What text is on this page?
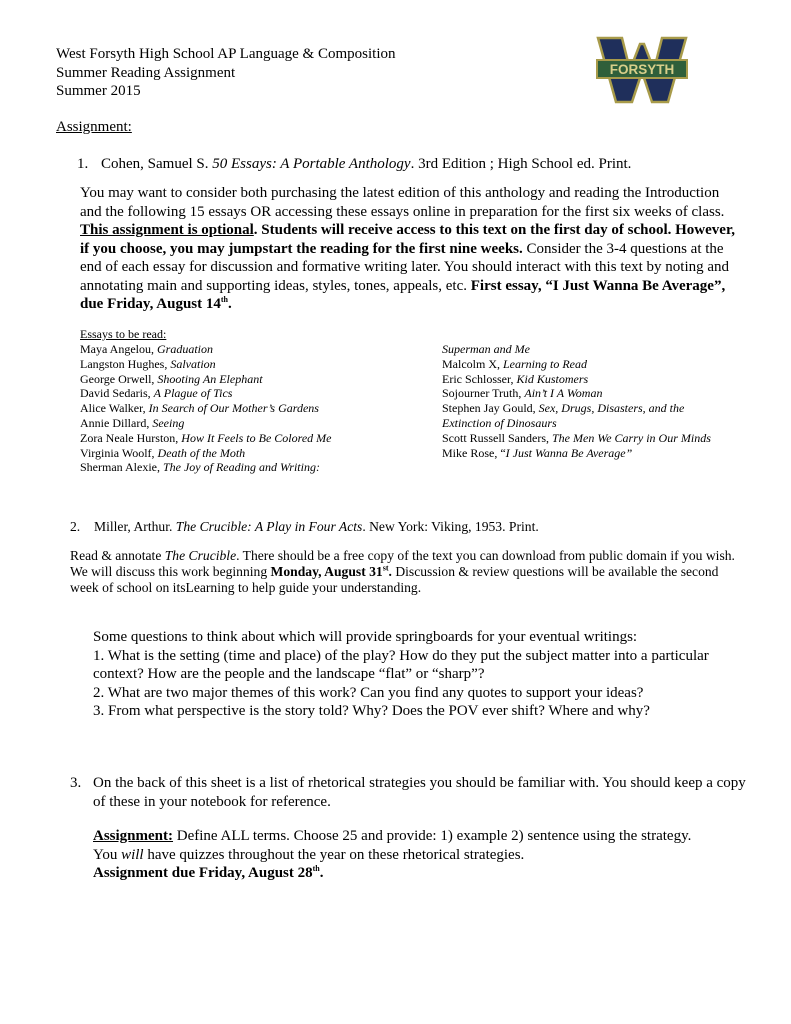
West Forsyth High School AP Language & Composition
Summer Reading Assignment
Summer 2015
FORSYTH
Assignment:
1. Cohen, Samuel S. 50 Essays: A Portable Anthology. 3rd Edition ; High School ed. Print.
You may want to consider both purchasing the latest edition of this anthology and reading the Introduction and the following 15 essays OR accessing these essays online in preparation for the first six weeks of class. This assignment is optional. Students will receive access to this text on the first day of school. However, if you choose, you may jumpstart the reading for the first nine weeks. Consider the 3-4 questions at the end of each essay for discussion and formative writing later. You should interact with this text by noting and annotating main and supporting ideas, styles, tones, appeals, etc. First essay, “I Just Wanna Be Average”, due Friday, August 14th.
Essays to be read:
Maya Angelou, Graduation
Langston Hughes, Salvation
George Orwell, Shooting An Elephant
David Sedaris, A Plague of Tics
Alice Walker, In Search of Our Mother’s Gardens
Annie Dillard, Seeing
Zora Neale Hurston, How It Feels to Be Colored Me
Virginia Woolf, Death of the Moth
Sherman Alexie, The Joy of Reading and Writing:
Superman and Me
Malcolm X, Learning to Read
Eric Schlosser, Kid Kustomers
Sojourner Truth, Ain’t I A Woman
Stephen Jay Gould, Sex, Drugs, Disasters, and the
Extinction of Dinosaurs
Scott Russell Sanders, The Men We Carry in Our Minds
Mike Rose, “I Just Wanna Be Average”
2. Miller, Arthur. The Crucible: A Play in Four Acts. New York: Viking, 1953. Print.
Read & annotate The Crucible. There should be a free copy of the text you can download from public domain if you wish. We will discuss this work beginning Monday, August 31st. Discussion & review questions will be available the second week of school on itsLearning to help guide your understanding.
Some questions to think about which will provide springboards for your eventual writings:
1. What is the setting (time and place) of the play? How do they put the subject matter into a particular context? How are the people and the landscape “flat” or “sharp”?
2. What are two major themes of this work? Can you find any quotes to support your ideas?
3. From what perspective is the story told? Why? Does the POV ever shift? Where and why?
3. On the back of this sheet is a list of rhetorical strategies you should be familiar with. You should keep a copy of these in your notebook for reference.
Assignment: Define ALL terms. Choose 25 and provide: 1) example 2) sentence using the strategy.
You will have quizzes throughout the year on these rhetorical strategies.
Assignment due Friday, August 28th.
